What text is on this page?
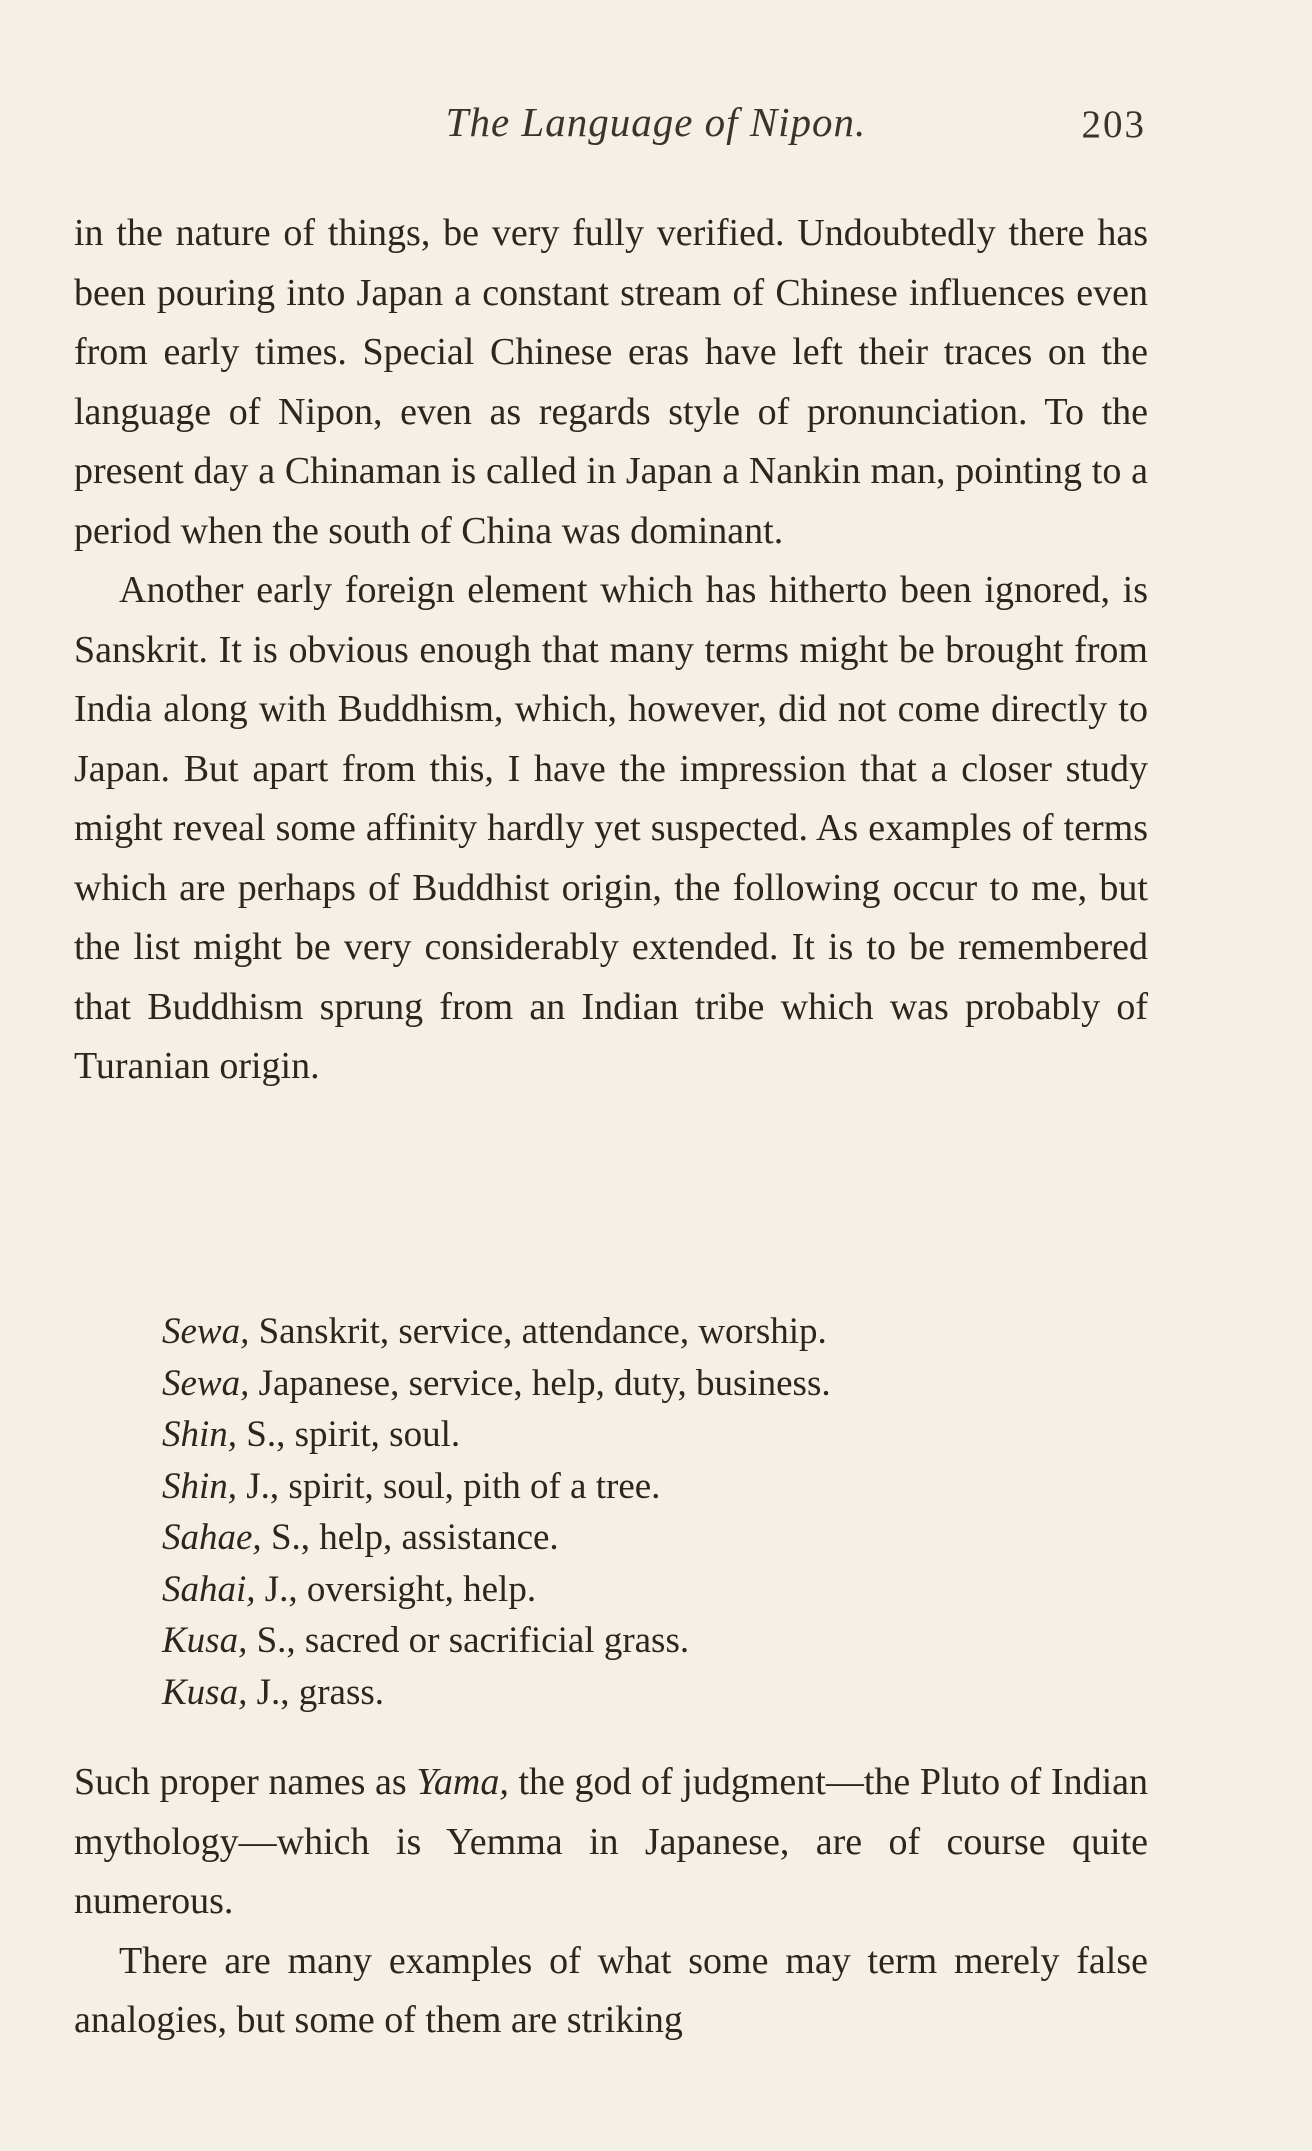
The Language of Nipon.	203

in the nature of things, be very fully verified. Undoubtedly there has been pouring into Japan a constant stream of Chinese influences even from early times. Special Chinese eras have left their traces on the language of Nipon, even as regards style of pronunciation. To the present day a Chinaman is called in Japan a Nankin man, pointing to a period when the south of China was dominant.

Another early foreign element which has hitherto been ignored, is Sanskrit. It is obvious enough that many terms might be brought from India along with Buddhism, which, however, did not come directly to Japan. But apart from this, I have the impression that a closer study might reveal some affinity hardly yet suspected. As examples of terms which are perhaps of Buddhist origin, the following occur to me, but the list might be very considerably extended. It is to be remembered that Buddhism sprung from an Indian tribe which was probably of Turanian origin.

Sewa, Sanskrit, service, attendance, worship.
Sewa, Japanese, service, help, duty, business.
Shin, S., spirit, soul.
Shin, J., spirit, soul, pith of a tree.
Sahae, S., help, assistance.
Sahai, J., oversight, help.
Kusa, S., sacred or sacrificial grass.
Kusa, J., grass.

Such proper names as Yama, the god of judgment—the Pluto of Indian mythology—which is Yemma in Japanese, are of course quite numerous.

There are many examples of what some may term merely false analogies, but some of them are striking
